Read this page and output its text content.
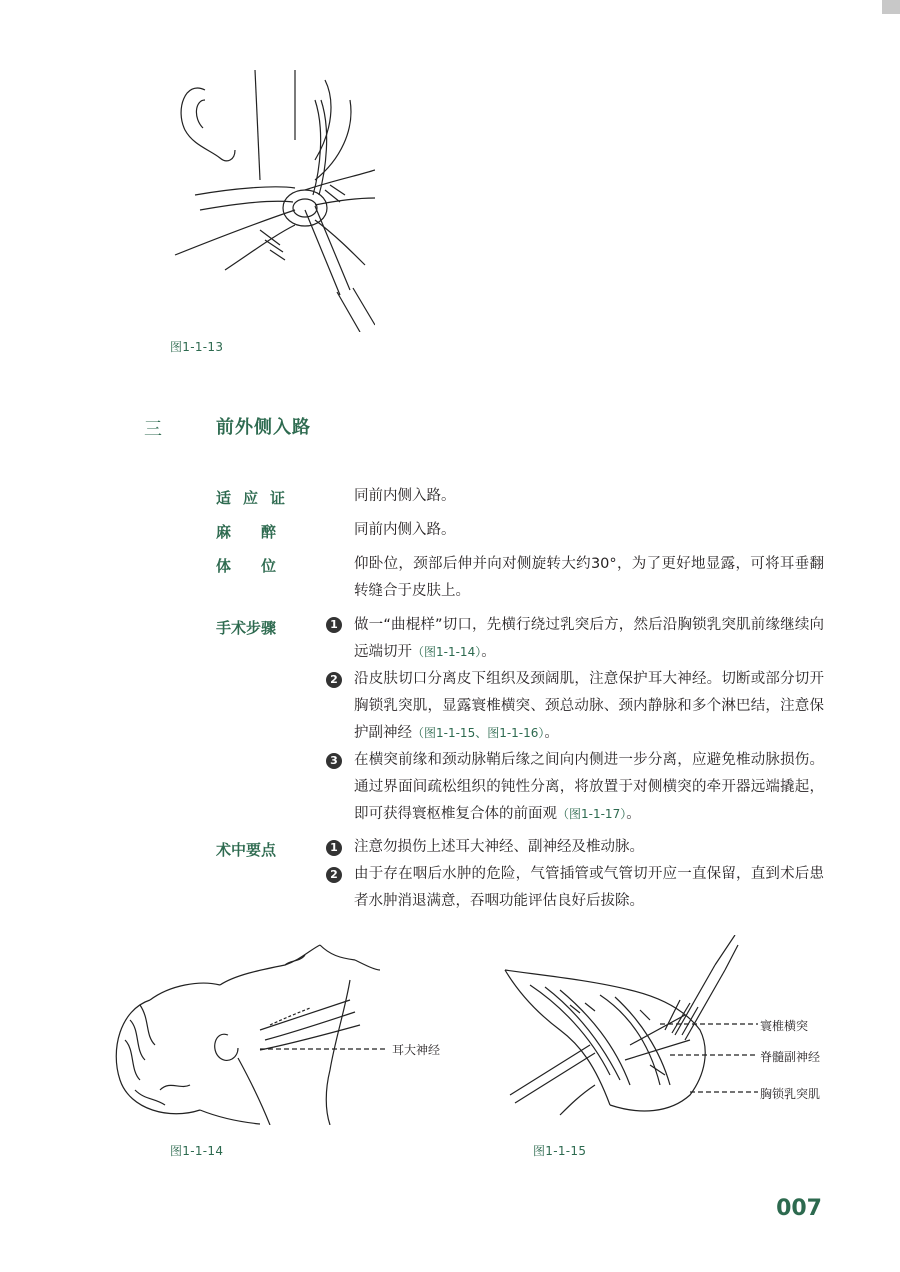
图1-1-13
三	前外侧入路
适应证	同前内侧入路。
麻醉	同前内侧入路。
体位	仰卧位，颈部后伸并向对侧旋转大约30°，为了更好地显露，可将耳垂翻转缝合于皮肤上。
手术步骤	1 做一“曲棍样”切口，先横行绕过乳突后方，然后沿胸锁乳突肌前缘继续向远端切开（图1-1-14）。
2 沿皮肤切口分离皮下组织及颈阔肌，注意保护耳大神经。切断或部分切开胸锁乳突肌，显露寰椎横突、颈总动脉、颈内静脉和多个淋巴结，注意保护副神经（图1-1-15、图1-1-16）。
3 在横突前缘和颈动脉鞘后缘之间向内侧进一步分离，应避免椎动脉损伤。通过界面间疏松组织的钝性分离，将放置于对侧横突的牵开器远端撬起，即可获得寰枢椎复合体的前面观（图1-1-17）。
术中要点	1 注意勿损伤上述耳大神经、副神经及椎动脉。
2 由于存在咽后水肿的危险，气管插管或气管切开应一直保留，直到术后患者水肿消退满意，吞咽功能评估良好后拔除。
耳大神经
图1-1-14
寰椎横突
脊髓副神经
胸锁乳突肌
图1-1-15
007
